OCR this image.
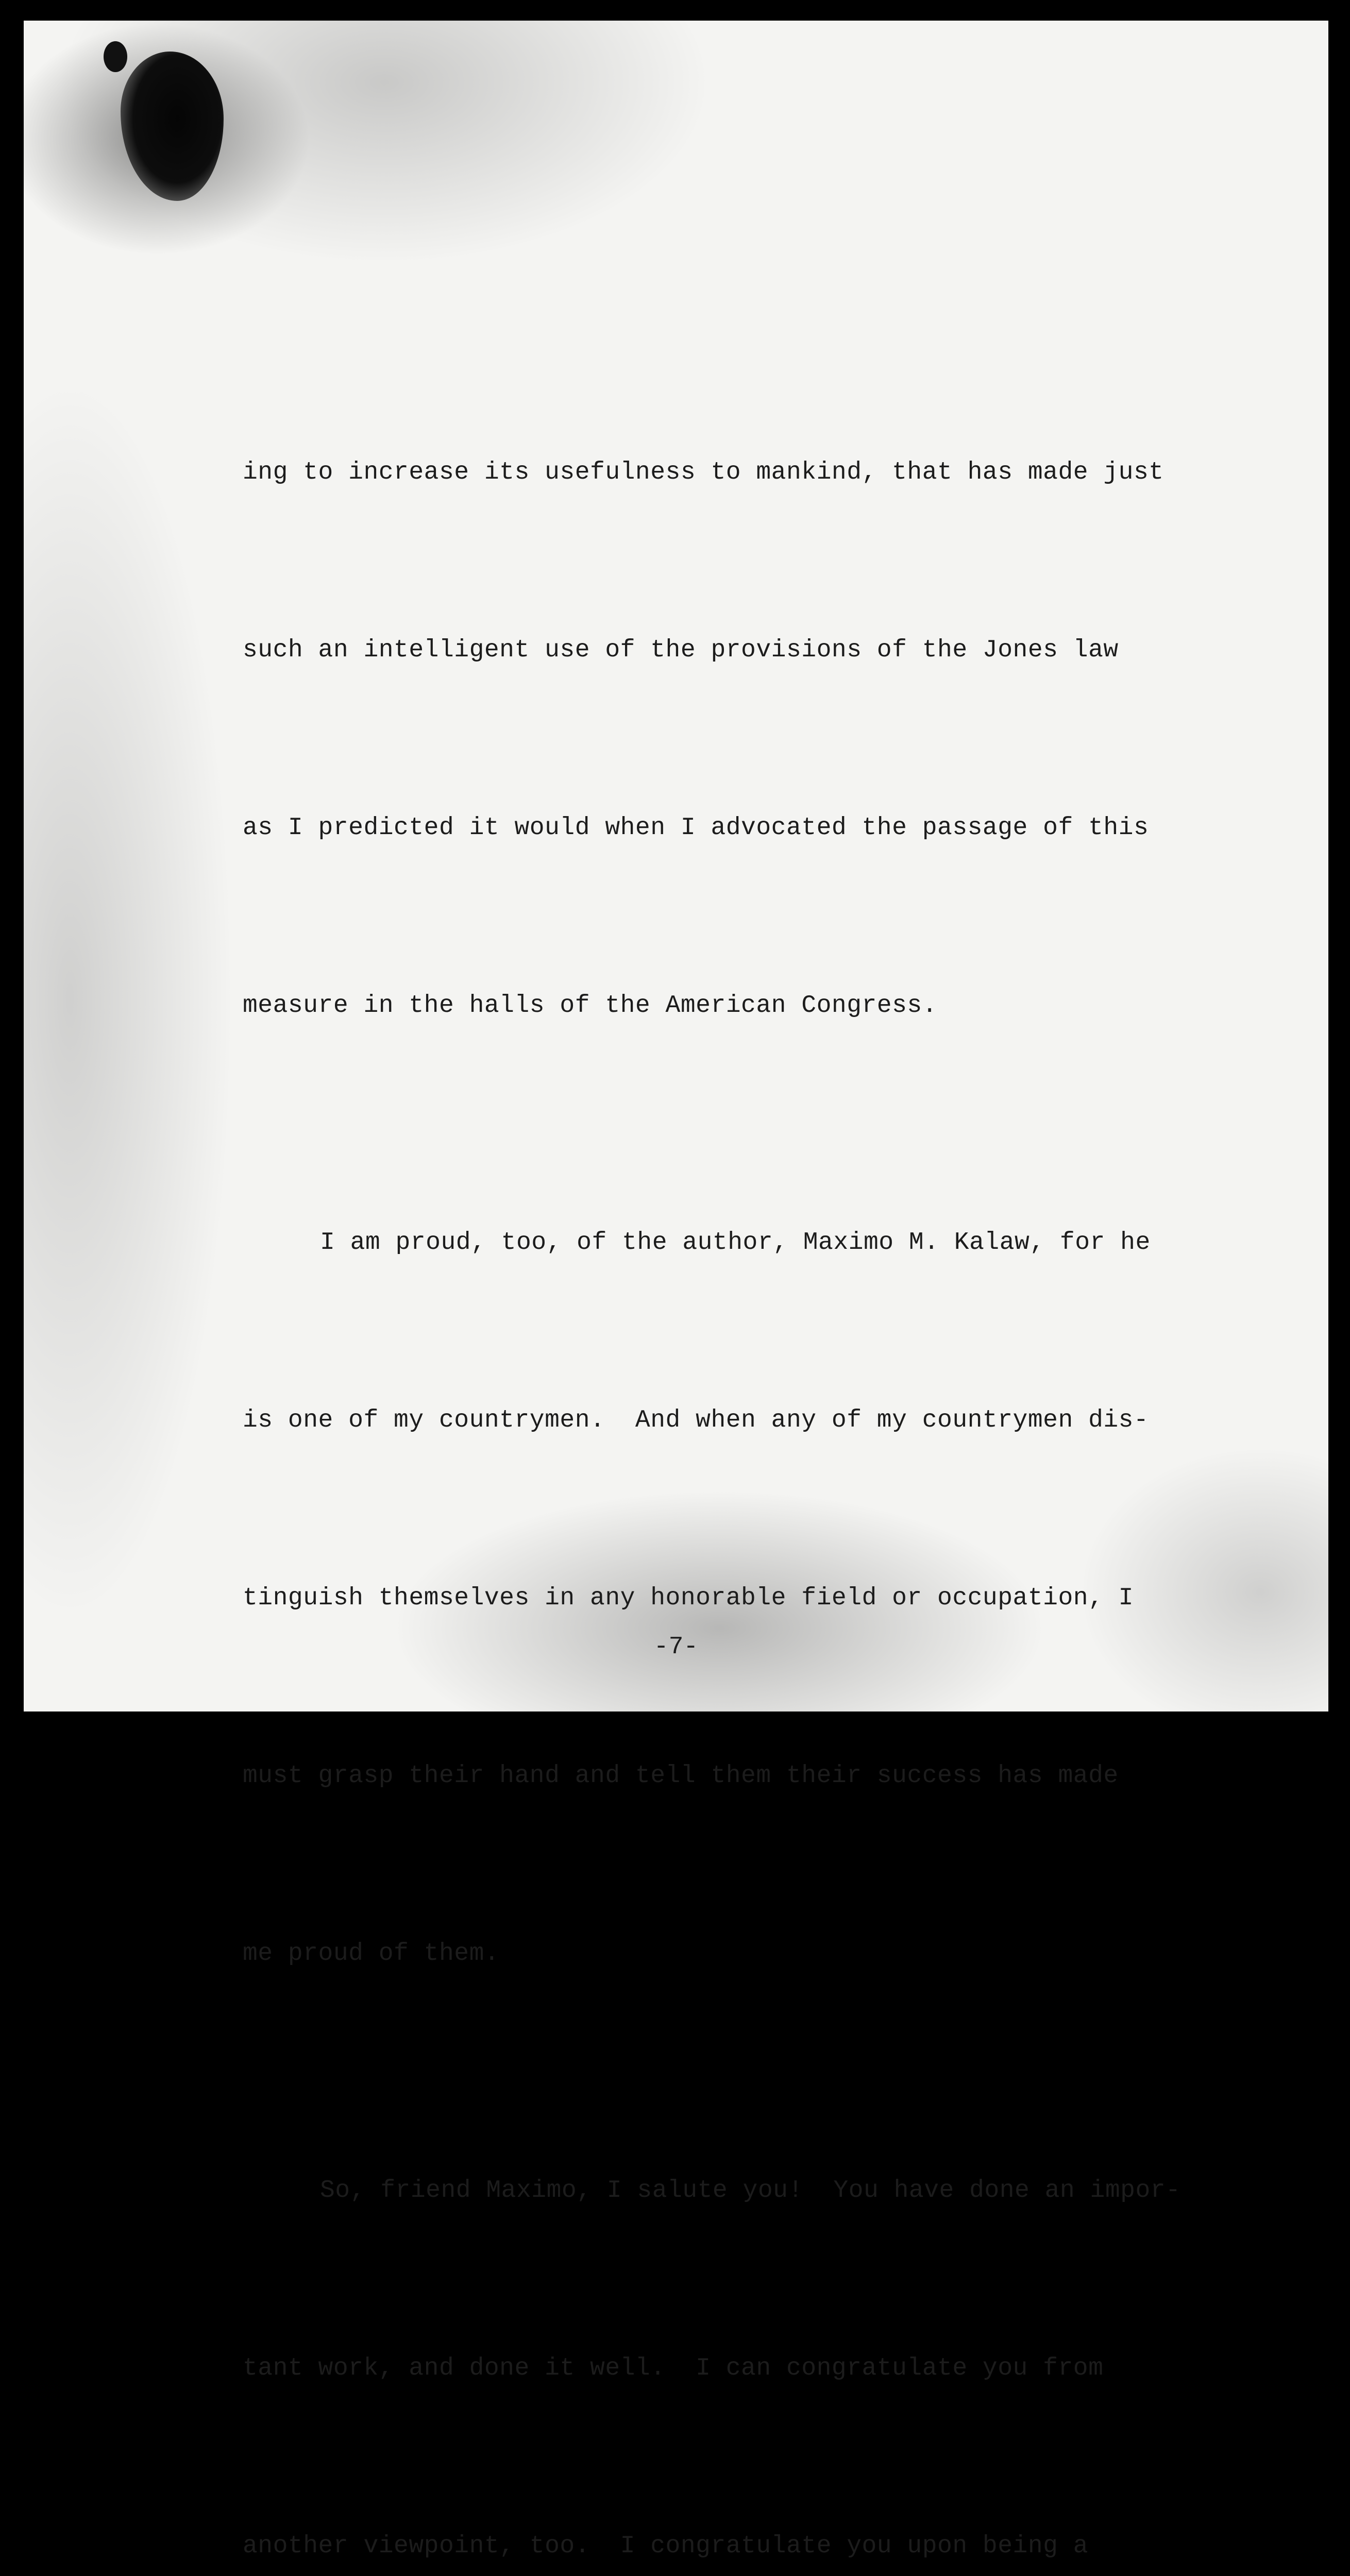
ing to increase its usefulness to mankind, that has made just

such an intelligent use of the provisions of the Jones law

as I predicted it would when I advocated the passage of this

measure in the halls of the American Congress.

I am proud, too, of the author, Maximo M. Kalaw, for he

is one of my countrymen.  And when any of my countrymen dis-

tinguish themselves in any honorable field or occupation, I

must grasp their hand and tell them their success has made

me proud of them.

So, friend Maximo, I salute you!  You have done an impor-

tant work, and done it well.  I can congratulate you from

another viewpoint, too.  I congratulate you upon being a

-7-
